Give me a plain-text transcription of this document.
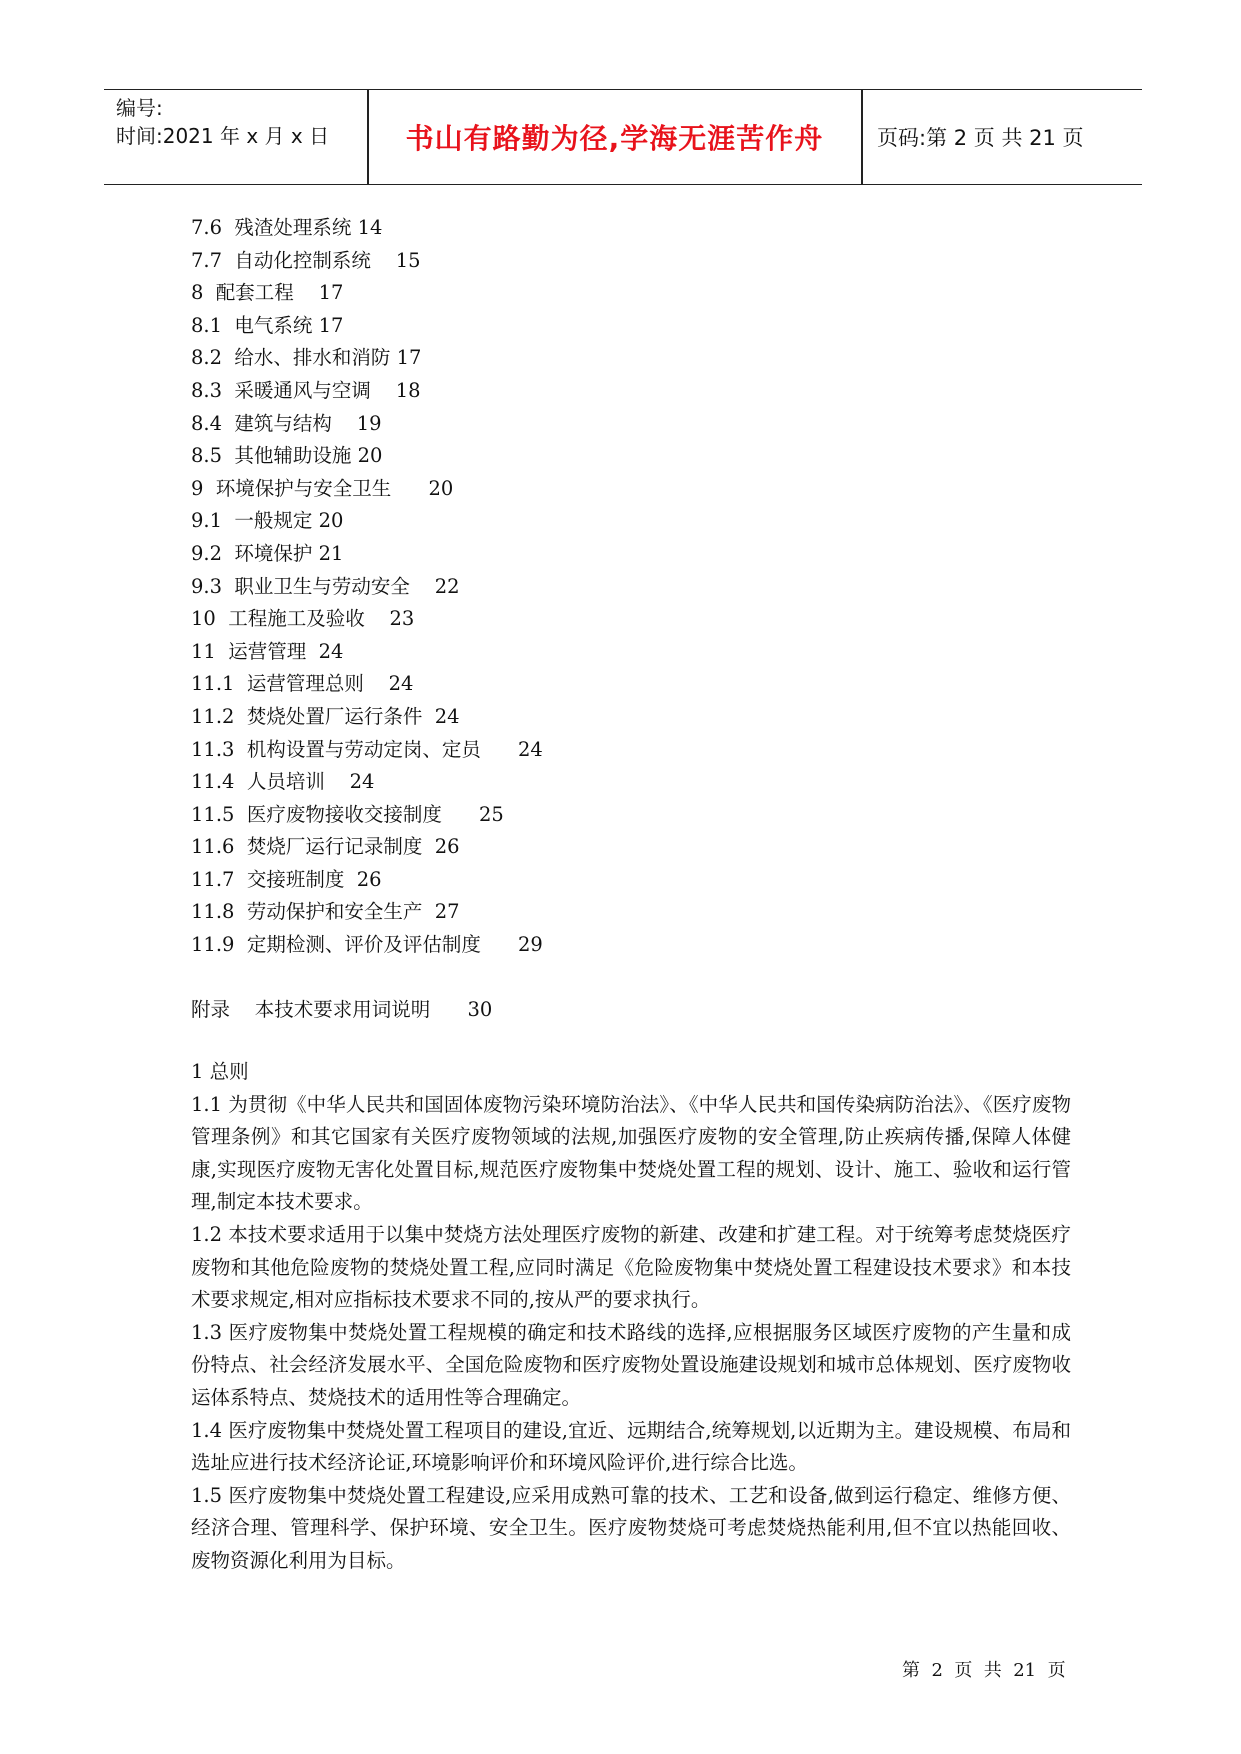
编号:
时间:2021 年 x 月 x 日	书山有路勤为径,学海无涯苦作舟	页码:第 2 页 共 21 页
7.6  残渣处理系统 14
7.7  自动化控制系统    15
8  配套工程    17
8.1  电气系统 17
8.2  给水、排水和消防 17
8.3  采暖通风与空调    18
8.4  建筑与结构    19
8.5  其他辅助设施 20
9  环境保护与安全卫生      20
9.1  一般规定 20
9.2  环境保护 21
9.3  职业卫生与劳动安全    22
10  工程施工及验收    23
11  运营管理  24
11.1  运营管理总则    24
11.2  焚烧处置厂运行条件  24
11.3  机构设置与劳动定岗、定员      24
11.4  人员培训    24
11.5  医疗废物接收交接制度      25
11.6  焚烧厂运行记录制度  26
11.7  交接班制度  26
11.8  劳动保护和安全生产  27
11.9  定期检测、评价及评估制度      29
附录    本技术要求用词说明      30

1 总则

1.1 为贯彻《中华人民共和国固体废物污染环境防治法》、《中华人民共和国传染病防治法》、《医疗废物管理条例》和其它国家有关医疗废物领域的法规,加强医疗废物的安全管理,防止疾病传播,保障人体健康,实现医疗废物无害化处置目标,规范医疗废物集中焚烧处置工程的规划、设计、施工、验收和运行管理,制定本技术要求。

1.2 本技术要求适用于以集中焚烧方法处理医疗废物的新建、改建和扩建工程。对于统筹考虑焚烧医疗废物和其他危险废物的焚烧处置工程,应同时满足《危险废物集中焚烧处置工程建设技术要求》和本技术要求规定,相对应指标技术要求不同的,按从严的要求执行。

1.3 医疗废物集中焚烧处置工程规模的确定和技术路线的选择,应根据服务区域医疗废物的产生量和成份特点、社会经济发展水平、全国危险废物和医疗废物处置设施建设规划和城市总体规划、医疗废物收运体系特点、焚烧技术的适用性等合理确定。

1.4 医疗废物集中焚烧处置工程项目的建设,宜近、远期结合,统筹规划,以近期为主。建设规模、布局和选址应进行技术经济论证,环境影响评价和环境风险评价,进行综合比选。

1.5 医疗废物集中焚烧处置工程建设,应采用成熟可靠的技术、工艺和设备,做到运行稳定、维修方便、经济合理、管理科学、保护环境、安全卫生。医疗废物焚烧可考虑焚烧热能利用,但不宜以热能回收、废物资源化利用为目标。

第  2  页  共  21  页
